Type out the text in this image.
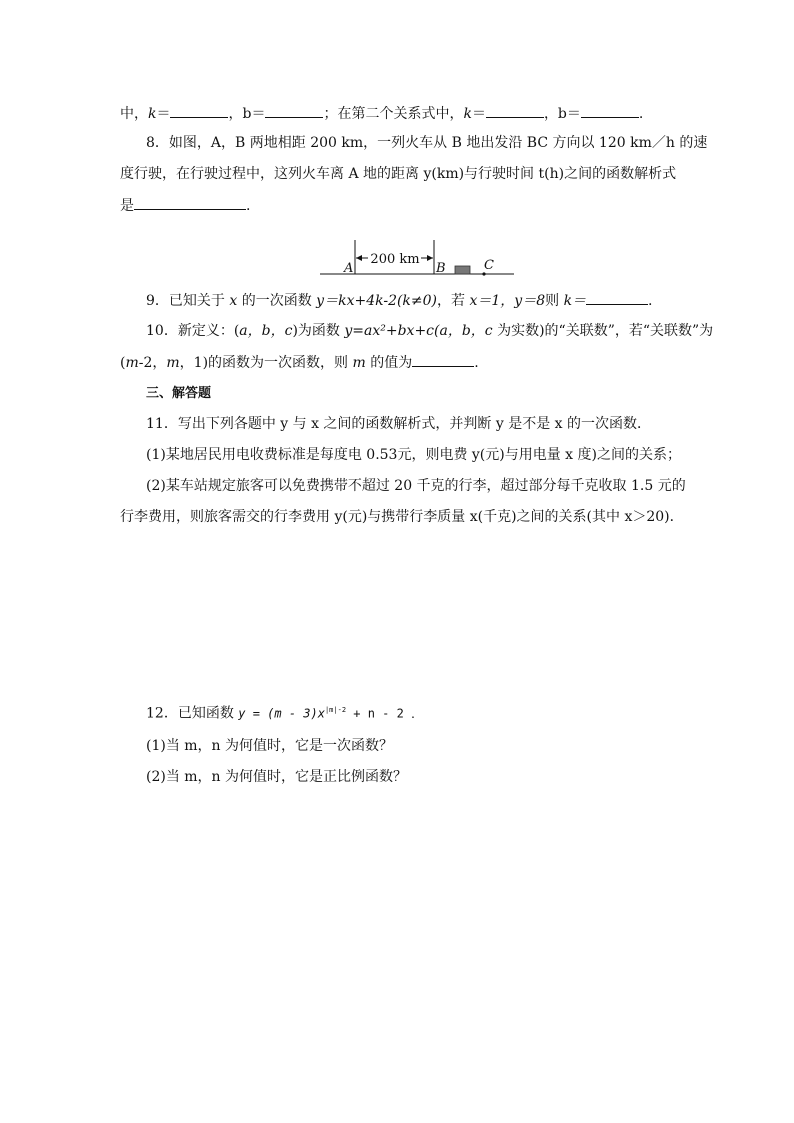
中，k＝	，b＝	；在第二个关系式中，k＝	，b＝	.
8．如图，A，B 两地相距 200 km，一列火车从 B 地出发沿 BC 方向以 120 km／h 的速
度行驶，在行驶过程中，这列火车离 A 地的距离 y(km)与行驶时间 t(h)之间的函数解析式
是	.
200 km
A	B	C
9．已知关于 x 的一次函数 y＝kx+4k-2(k≠0)，若 x＝1，y＝8则 k＝	.
10．新定义：(a，b，c)为函数 y=ax²+bx+c(a，b，c 为实数)的“关联数”，若“关联数”为
(m-2，m，1)的函数为一次函数，则 m 的值为	.
三、解答题
11．写出下列各题中 y 与 x 之间的函数解析式，并判断 y 是不是 x 的一次函数．
(1)某地居民用电收费标准是每度电 0.53元，则电费 y(元)与用电量 x 度)之间的关系；
(2)某车站规定旅客可以免费携带不超过 20 千克的行李，超过部分每千克收取 1.5 元的
行李费用，则旅客需交的行李费用 y(元)与携带行李质量 x(千克)之间的关系(其中 x＞20)．
12．已知函数 $y = (m - 3)x^{|m|-2} + n - 2$ ．
(1)当 m，n 为何值时，它是一次函数？
(2)当 m，n 为何值时，它是正比例函数？
